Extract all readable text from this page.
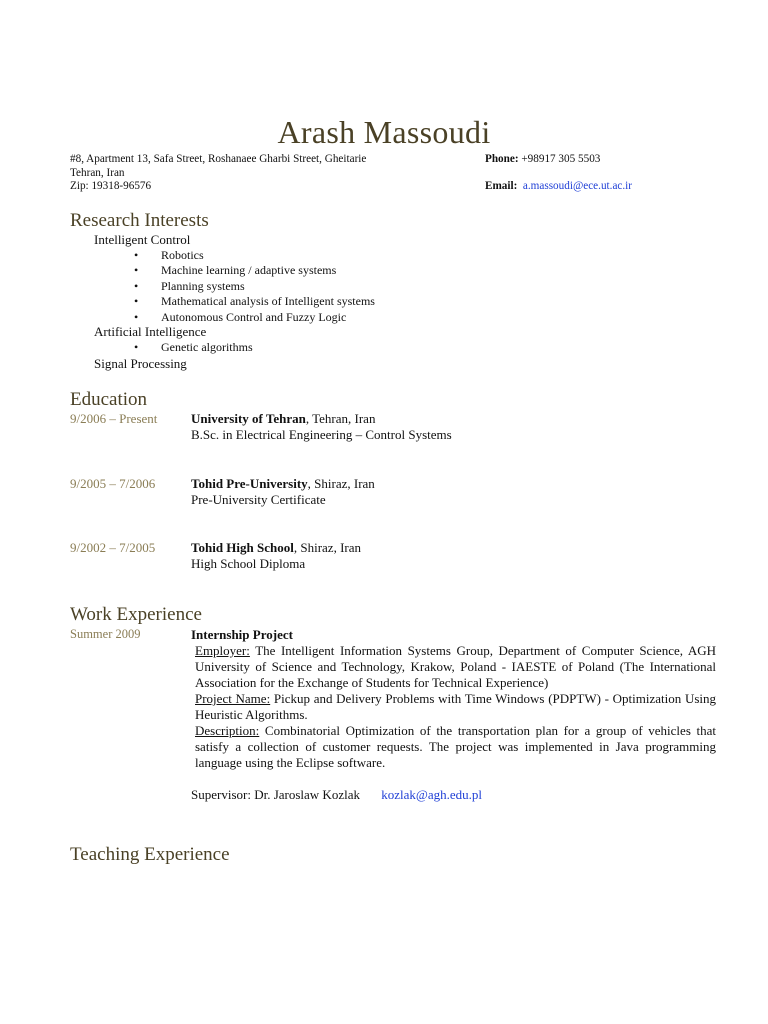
Arash Massoudi
#8, Apartment 13, Safa Street, Roshanaee Gharbi Street, Gheitarie
Tehran, Iran
Zip: 19318-96576
Phone: +98917 305 5503
Email: a.massoudi@ece.ut.ac.ir
Research Interests
Intelligent Control
• Robotics
• Machine learning / adaptive systems
• Planning systems
• Mathematical analysis of Intelligent systems
• Autonomous Control and Fuzzy Logic
Artificial Intelligence
• Genetic algorithms
Signal Processing
Education
9/2006 – Present	University of Tehran, Tehran, Iran
B.Sc. in Electrical Engineering – Control Systems
9/2005 – 7/2006	Tohid Pre-University, Shiraz, Iran
Pre-University Certificate
9/2002 – 7/2005	Tohid High School, Shiraz, Iran
High School Diploma
Work Experience
Summer 2009	Internship Project
Employer: The Intelligent Information Systems Group, Department of Computer Science, AGH University of Science and Technology, Krakow, Poland - IAESTE of Poland (The International Association for the Exchange of Students for Technical Experience)
Project Name: Pickup and Delivery Problems with Time Windows (PDPTW) - Optimization Using Heuristic Algorithms.
Description: Combinatorial Optimization of the transportation plan for a group of vehicles that satisfy a collection of customer requests. The project was implemented in Java programming language using the Eclipse software.
Supervisor: Dr. Jaroslaw Kozlak kozlak@agh.edu.pl
Teaching Experience
